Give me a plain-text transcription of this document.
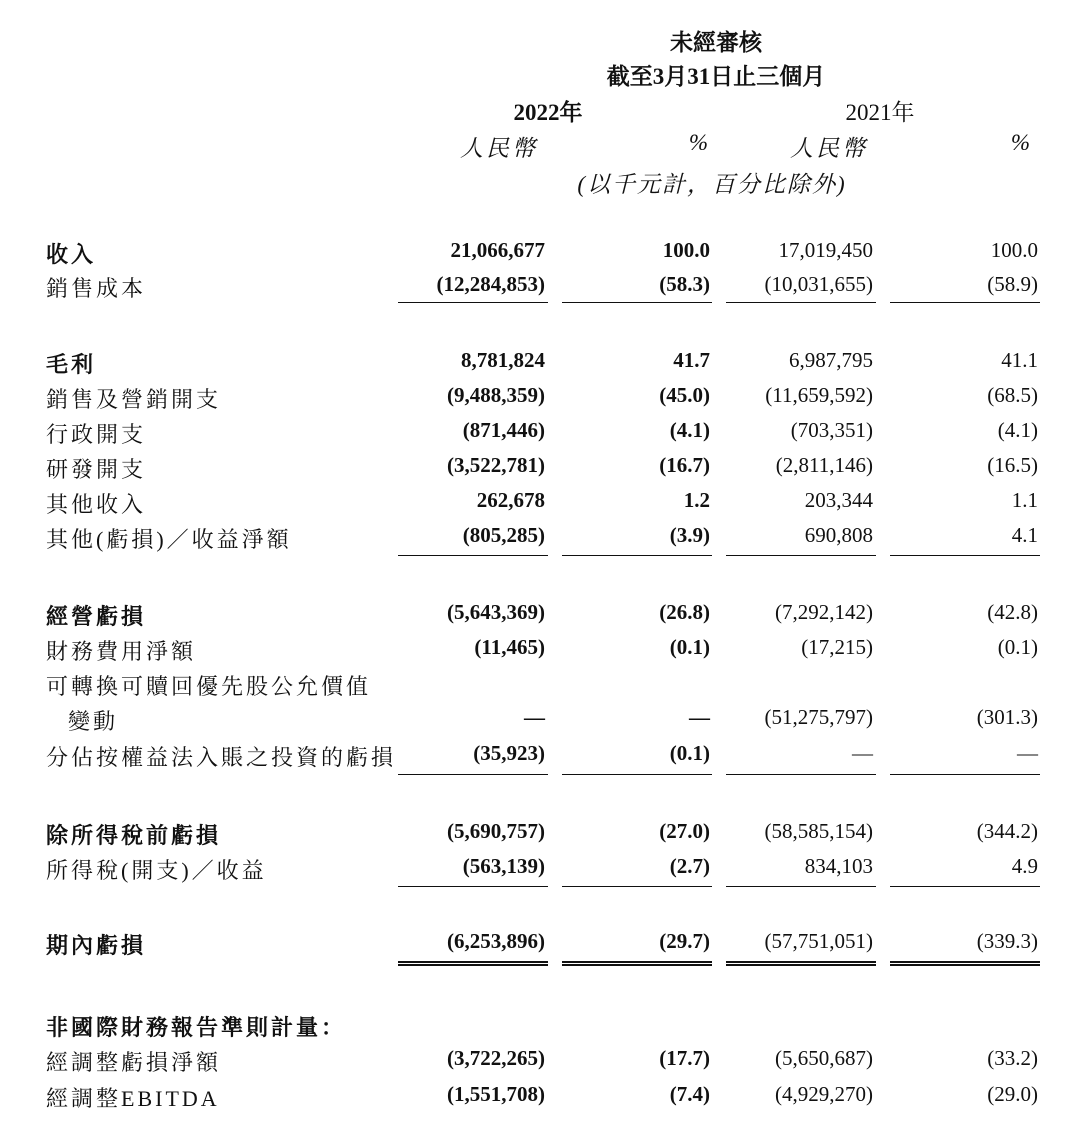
未經審核
截至3月31日止三個月
2022年	2021年
人民幣	%	人民幣	%
(以千元計，百分比除外)
收入	21,066,677	100.0	17,019,450	100.0
銷售成本	(12,284,853)	(58.3)	(10,031,655)	(58.9)
毛利	8,781,824	41.7	6,987,795	41.1
銷售及營銷開支	(9,488,359)	(45.0)	(11,659,592)	(68.5)
行政開支	(871,446)	(4.1)	(703,351)	(4.1)
研發開支	(3,522,781)	(16.7)	(2,811,146)	(16.5)
其他收入	262,678	1.2	203,344	1.1
其他(虧損)／收益淨額	(805,285)	(3.9)	690,808	4.1
經營虧損	(5,643,369)	(26.8)	(7,292,142)	(42.8)
財務費用淨額	(11,465)	(0.1)	(17,215)	(0.1)
可轉換可贖回優先股公允價值
變動	—	—	(51,275,797)	(301.3)
分佔按權益法入賬之投資的虧損	(35,923)	(0.1)	—	—
除所得稅前虧損	(5,690,757)	(27.0)	(58,585,154)	(344.2)
所得稅(開支)／收益	(563,139)	(2.7)	834,103	4.9
期內虧損	(6,253,896)	(29.7)	(57,751,051)	(339.3)
非國際財務報告準則計量：
經調整虧損淨額	(3,722,265)	(17.7)	(5,650,687)	(33.2)
經調整EBITDA	(1,551,708)	(7.4)	(4,929,270)	(29.0)
